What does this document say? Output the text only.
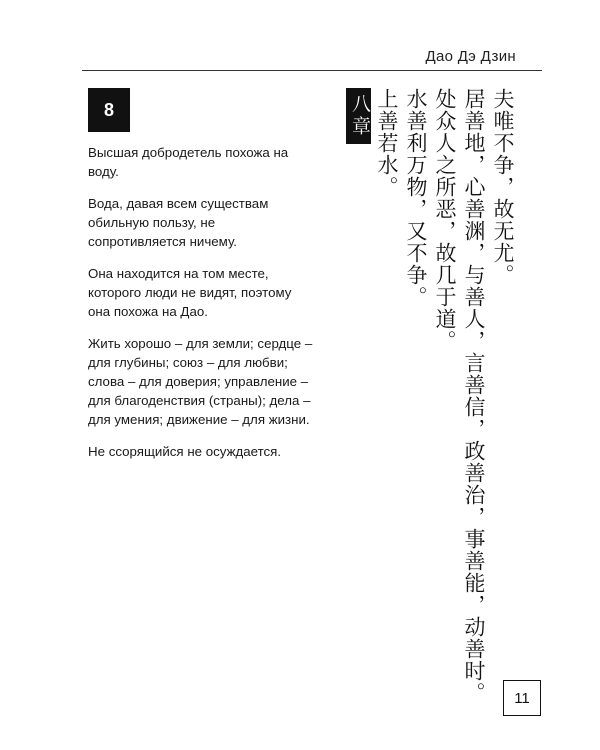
Дао Дэ Дзин
8

Высшая добродетель похожа на воду.

Вода, давая всем существам обильную пользу, не сопротивляется ничему.

Она находится на том месте, которого люди не видят, поэтому она похожа на Дао.

Жить хорошо – для земли; сердце – для глубины; союз – для любви; слова – для доверия; управление – для благоденствия (страны); дела – для умения; движение – для жизни.

Не ссорящийся не осуждается.

夫唯不争，故无尤。
居善地，心善渊，与善人，言善信，政善治，事善能，动善时。
处众人之所恶，故几于道。
水善利万物，又不争。
上善若水。
八章
11
